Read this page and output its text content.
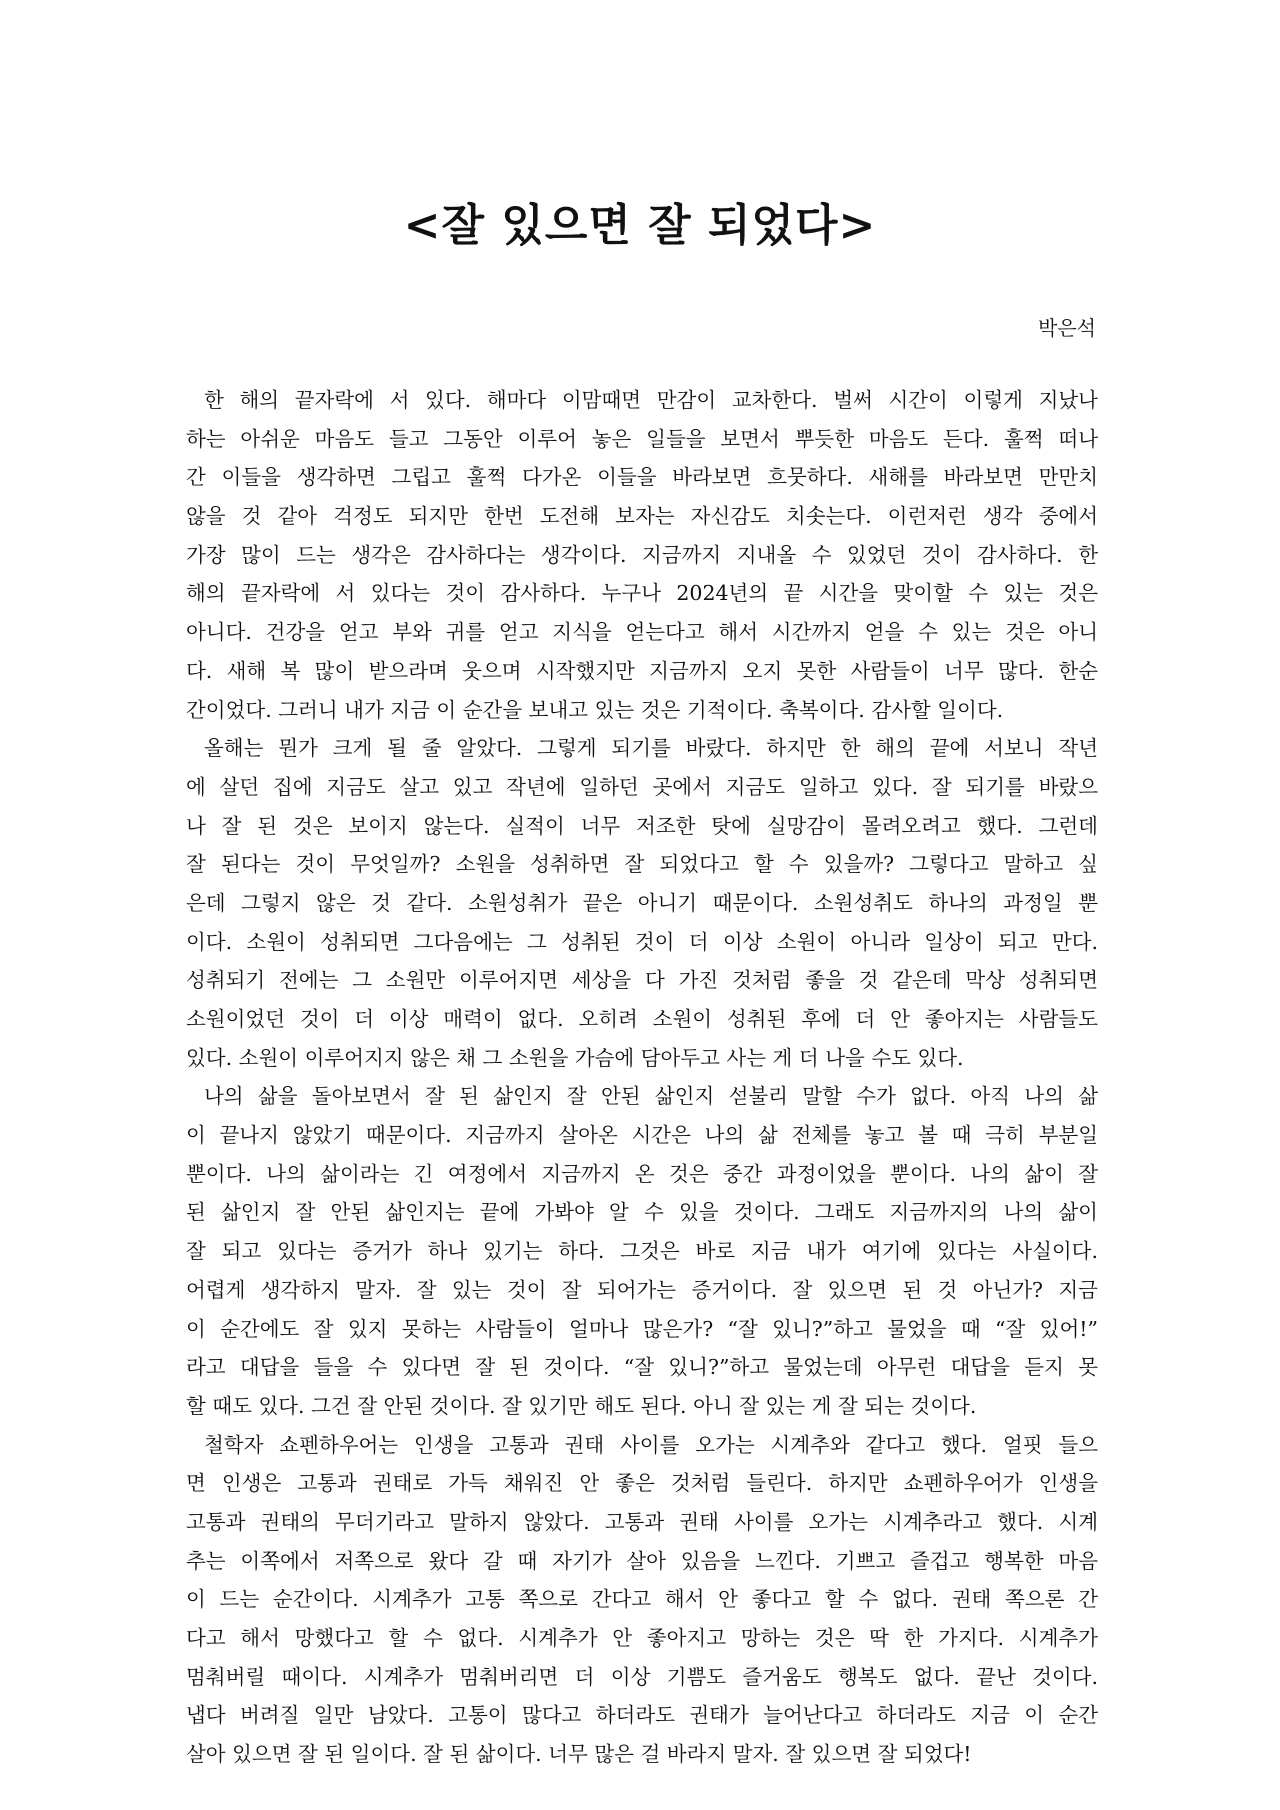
<잘 있으면 잘 되었다>
박은석
한 해의 끝자락에 서 있다. 해마다 이맘때면 만감이 교차한다. 벌써 시간이 이렇게 지났나
하는 아쉬운 마음도 들고 그동안 이루어 놓은 일들을 보면서 뿌듯한 마음도 든다. 훌쩍 떠나
간 이들을 생각하면 그립고 훌쩍 다가온 이들을 바라보면 흐뭇하다. 새해를 바라보면 만만치
않을 것 같아 걱정도 되지만 한번 도전해 보자는 자신감도 치솟는다. 이런저런 생각 중에서
가장 많이 드는 생각은 감사하다는 생각이다. 지금까지 지내올 수 있었던 것이 감사하다. 한
해의 끝자락에 서 있다는 것이 감사하다. 누구나 2024년의 끝 시간을 맞이할 수 있는 것은
아니다. 건강을 얻고 부와 귀를 얻고 지식을 얻는다고 해서 시간까지 얻을 수 있는 것은 아니
다. 새해 복 많이 받으라며 웃으며 시작했지만 지금까지 오지 못한 사람들이 너무 많다. 한순
간이었다. 그러니 내가 지금 이 순간을 보내고 있는 것은 기적이다. 축복이다. 감사할 일이다.
올해는 뭔가 크게 될 줄 알았다. 그렇게 되기를 바랐다. 하지만 한 해의 끝에 서보니 작년
에 살던 집에 지금도 살고 있고 작년에 일하던 곳에서 지금도 일하고 있다. 잘 되기를 바랐으
나 잘 된 것은 보이지 않는다. 실적이 너무 저조한 탓에 실망감이 몰려오려고 했다. 그런데
잘 된다는 것이 무엇일까? 소원을 성취하면 잘 되었다고 할 수 있을까? 그렇다고 말하고 싶
은데 그렇지 않은 것 같다. 소원성취가 끝은 아니기 때문이다. 소원성취도 하나의 과정일 뿐
이다. 소원이 성취되면 그다음에는 그 성취된 것이 더 이상 소원이 아니라 일상이 되고 만다.
성취되기 전에는 그 소원만 이루어지면 세상을 다 가진 것처럼 좋을 것 같은데 막상 성취되면
소원이었던 것이 더 이상 매력이 없다. 오히려 소원이 성취된 후에 더 안 좋아지는 사람들도
있다. 소원이 이루어지지 않은 채 그 소원을 가슴에 담아두고 사는 게 더 나을 수도 있다.
나의 삶을 돌아보면서 잘 된 삶인지 잘 안된 삶인지 섣불리 말할 수가 없다. 아직 나의 삶
이 끝나지 않았기 때문이다. 지금까지 살아온 시간은 나의 삶 전체를 놓고 볼 때 극히 부분일
뿐이다. 나의 삶이라는 긴 여정에서 지금까지 온 것은 중간 과정이었을 뿐이다. 나의 삶이 잘
된 삶인지 잘 안된 삶인지는 끝에 가봐야 알 수 있을 것이다. 그래도 지금까지의 나의 삶이
잘 되고 있다는 증거가 하나 있기는 하다. 그것은 바로 지금 내가 여기에 있다는 사실이다.
어렵게 생각하지 말자. 잘 있는 것이 잘 되어가는 증거이다. 잘 있으면 된 것 아닌가? 지금
이 순간에도 잘 있지 못하는 사람들이 얼마나 많은가? “잘 있니?”하고 물었을 때 “잘 있어!”
라고 대답을 들을 수 있다면 잘 된 것이다. “잘 있니?”하고 물었는데 아무런 대답을 듣지 못
할 때도 있다. 그건 잘 안된 것이다. 잘 있기만 해도 된다. 아니 잘 있는 게 잘 되는 것이다.
철학자 쇼펜하우어는 인생을 고통과 권태 사이를 오가는 시계추와 같다고 했다. 얼핏 들으
면 인생은 고통과 권태로 가득 채워진 안 좋은 것처럼 들린다. 하지만 쇼펜하우어가 인생을
고통과 권태의 무더기라고 말하지 않았다. 고통과 권태 사이를 오가는 시계추라고 했다. 시계
추는 이쪽에서 저쪽으로 왔다 갈 때 자기가 살아 있음을 느낀다. 기쁘고 즐겁고 행복한 마음
이 드는 순간이다. 시계추가 고통 쪽으로 간다고 해서 안 좋다고 할 수 없다. 권태 쪽으론 간
다고 해서 망했다고 할 수 없다. 시계추가 안 좋아지고 망하는 것은 딱 한 가지다. 시계추가
멈춰버릴 때이다. 시계추가 멈춰버리면 더 이상 기쁨도 즐거움도 행복도 없다. 끝난 것이다.
냅다 버려질 일만 남았다. 고통이 많다고 하더라도 권태가 늘어난다고 하더라도 지금 이 순간
살아 있으면 잘 된 일이다. 잘 된 삶이다. 너무 많은 걸 바라지 말자. 잘 있으면 잘 되었다!
